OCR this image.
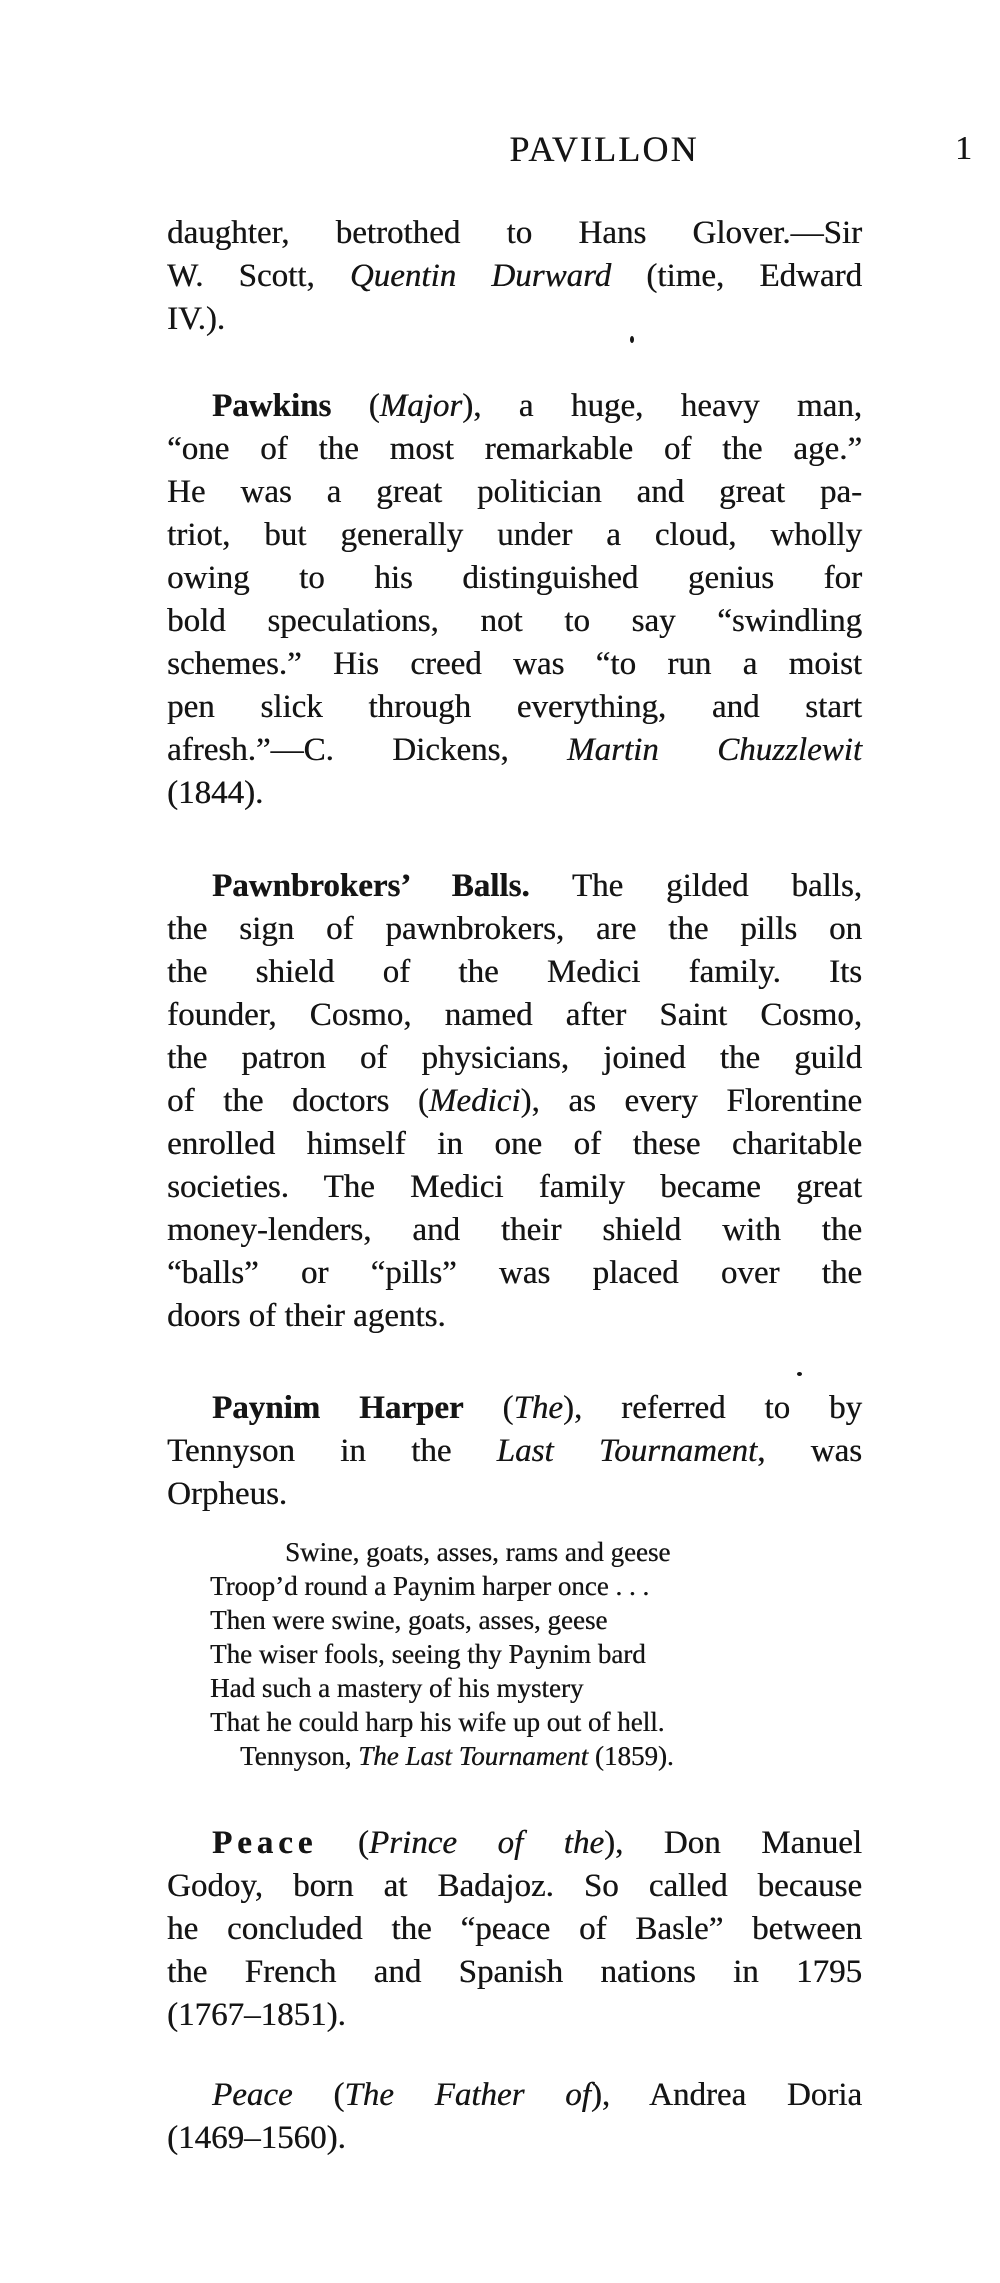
PAVILLON	1
daughter, betrothed to Hans Glover.—Sir
W. Scott, Quentin Durward (time, Edward
IV.).
Pawkins (Major), a huge, heavy man,
“one of the most remarkable of the age.”
He was a great politician and great pa-
triot, but generally under a cloud, wholly
owing to his distinguished genius for
bold speculations, not to say “swindling
schemes.” His creed was “to run a moist
pen slick through everything, and start
afresh.”—C. Dickens, Martin Chuzzlewit
(1844).
Pawnbrokers’ Balls. The gilded balls,
the sign of pawnbrokers, are the pills on
the shield of the Medici family. Its
founder, Cosmo, named after Saint Cosmo,
the patron of physicians, joined the guild
of the doctors (Medici), as every Florentine
enrolled himself in one of these charitable
societies. The Medici family became great
money-lenders, and their shield with the
“balls” or “pills” was placed over the
doors of their agents.
Paynim Harper (The), referred to by
Tennyson in the Last Tournament, was
Orpheus.
Swine, goats, asses, rams and geese
Troop’d round a Paynim harper once . . .
Then were swine, goats, asses, geese
The wiser fools, seeing thy Paynim bard
Had such a mastery of his mystery
That he could harp his wife up out of hell.
Tennyson, The Last Tournament (1859).
Peace (Prince of the), Don Manuel
Godoy, born at Badajoz. So called because
he concluded the “peace of Basle” between
the French and Spanish nations in 1795
(1767–1851).
Peace (The Father of), Andrea Doria
(1469–1560).
